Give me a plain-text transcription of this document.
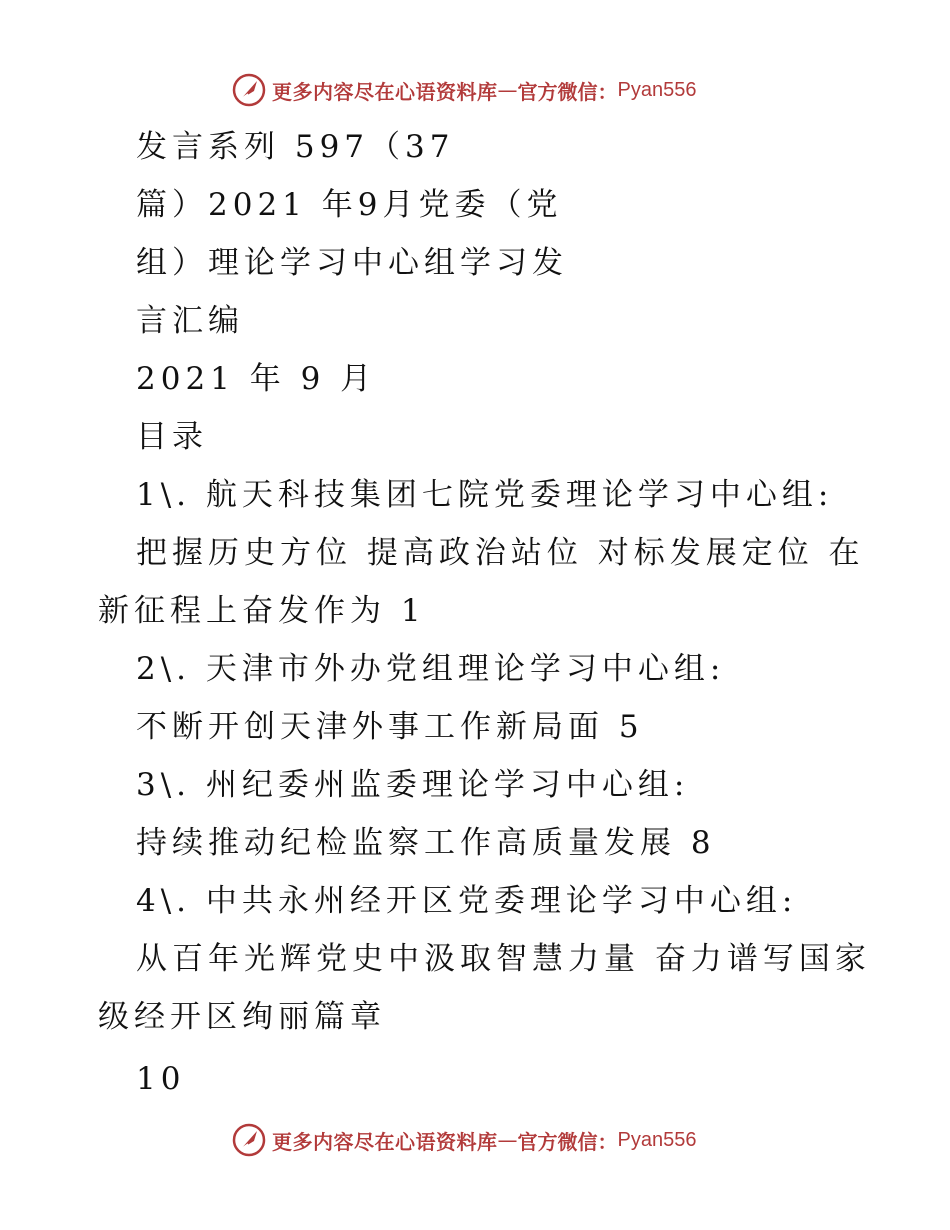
更多内容尽在心语资料库 — 官方微信： Pyan556
发言系列 597（37
篇）2021 年9月党委（党
组）理论学习中心组学习发
言汇编
2021 年 9 月
目录
1\. 航天科技集团七院党委理论学习中心组:
把握历史方位 提高政治站位 对标发展定位 在
新征程上奋发作为 1
2\. 天津市外办党组理论学习中心组:
不断开创天津外事工作新局面 5
3\. 州纪委州监委理论学习中心组:
持续推动纪检监察工作高质量发展 8
4\. 中共永州经开区党委理论学习中心组:
从百年光辉党史中汲取智慧力量 奋力谱写国家
级经开区绚丽篇章
10
更多内容尽在心语资料库 — 官方微信： Pyan556
